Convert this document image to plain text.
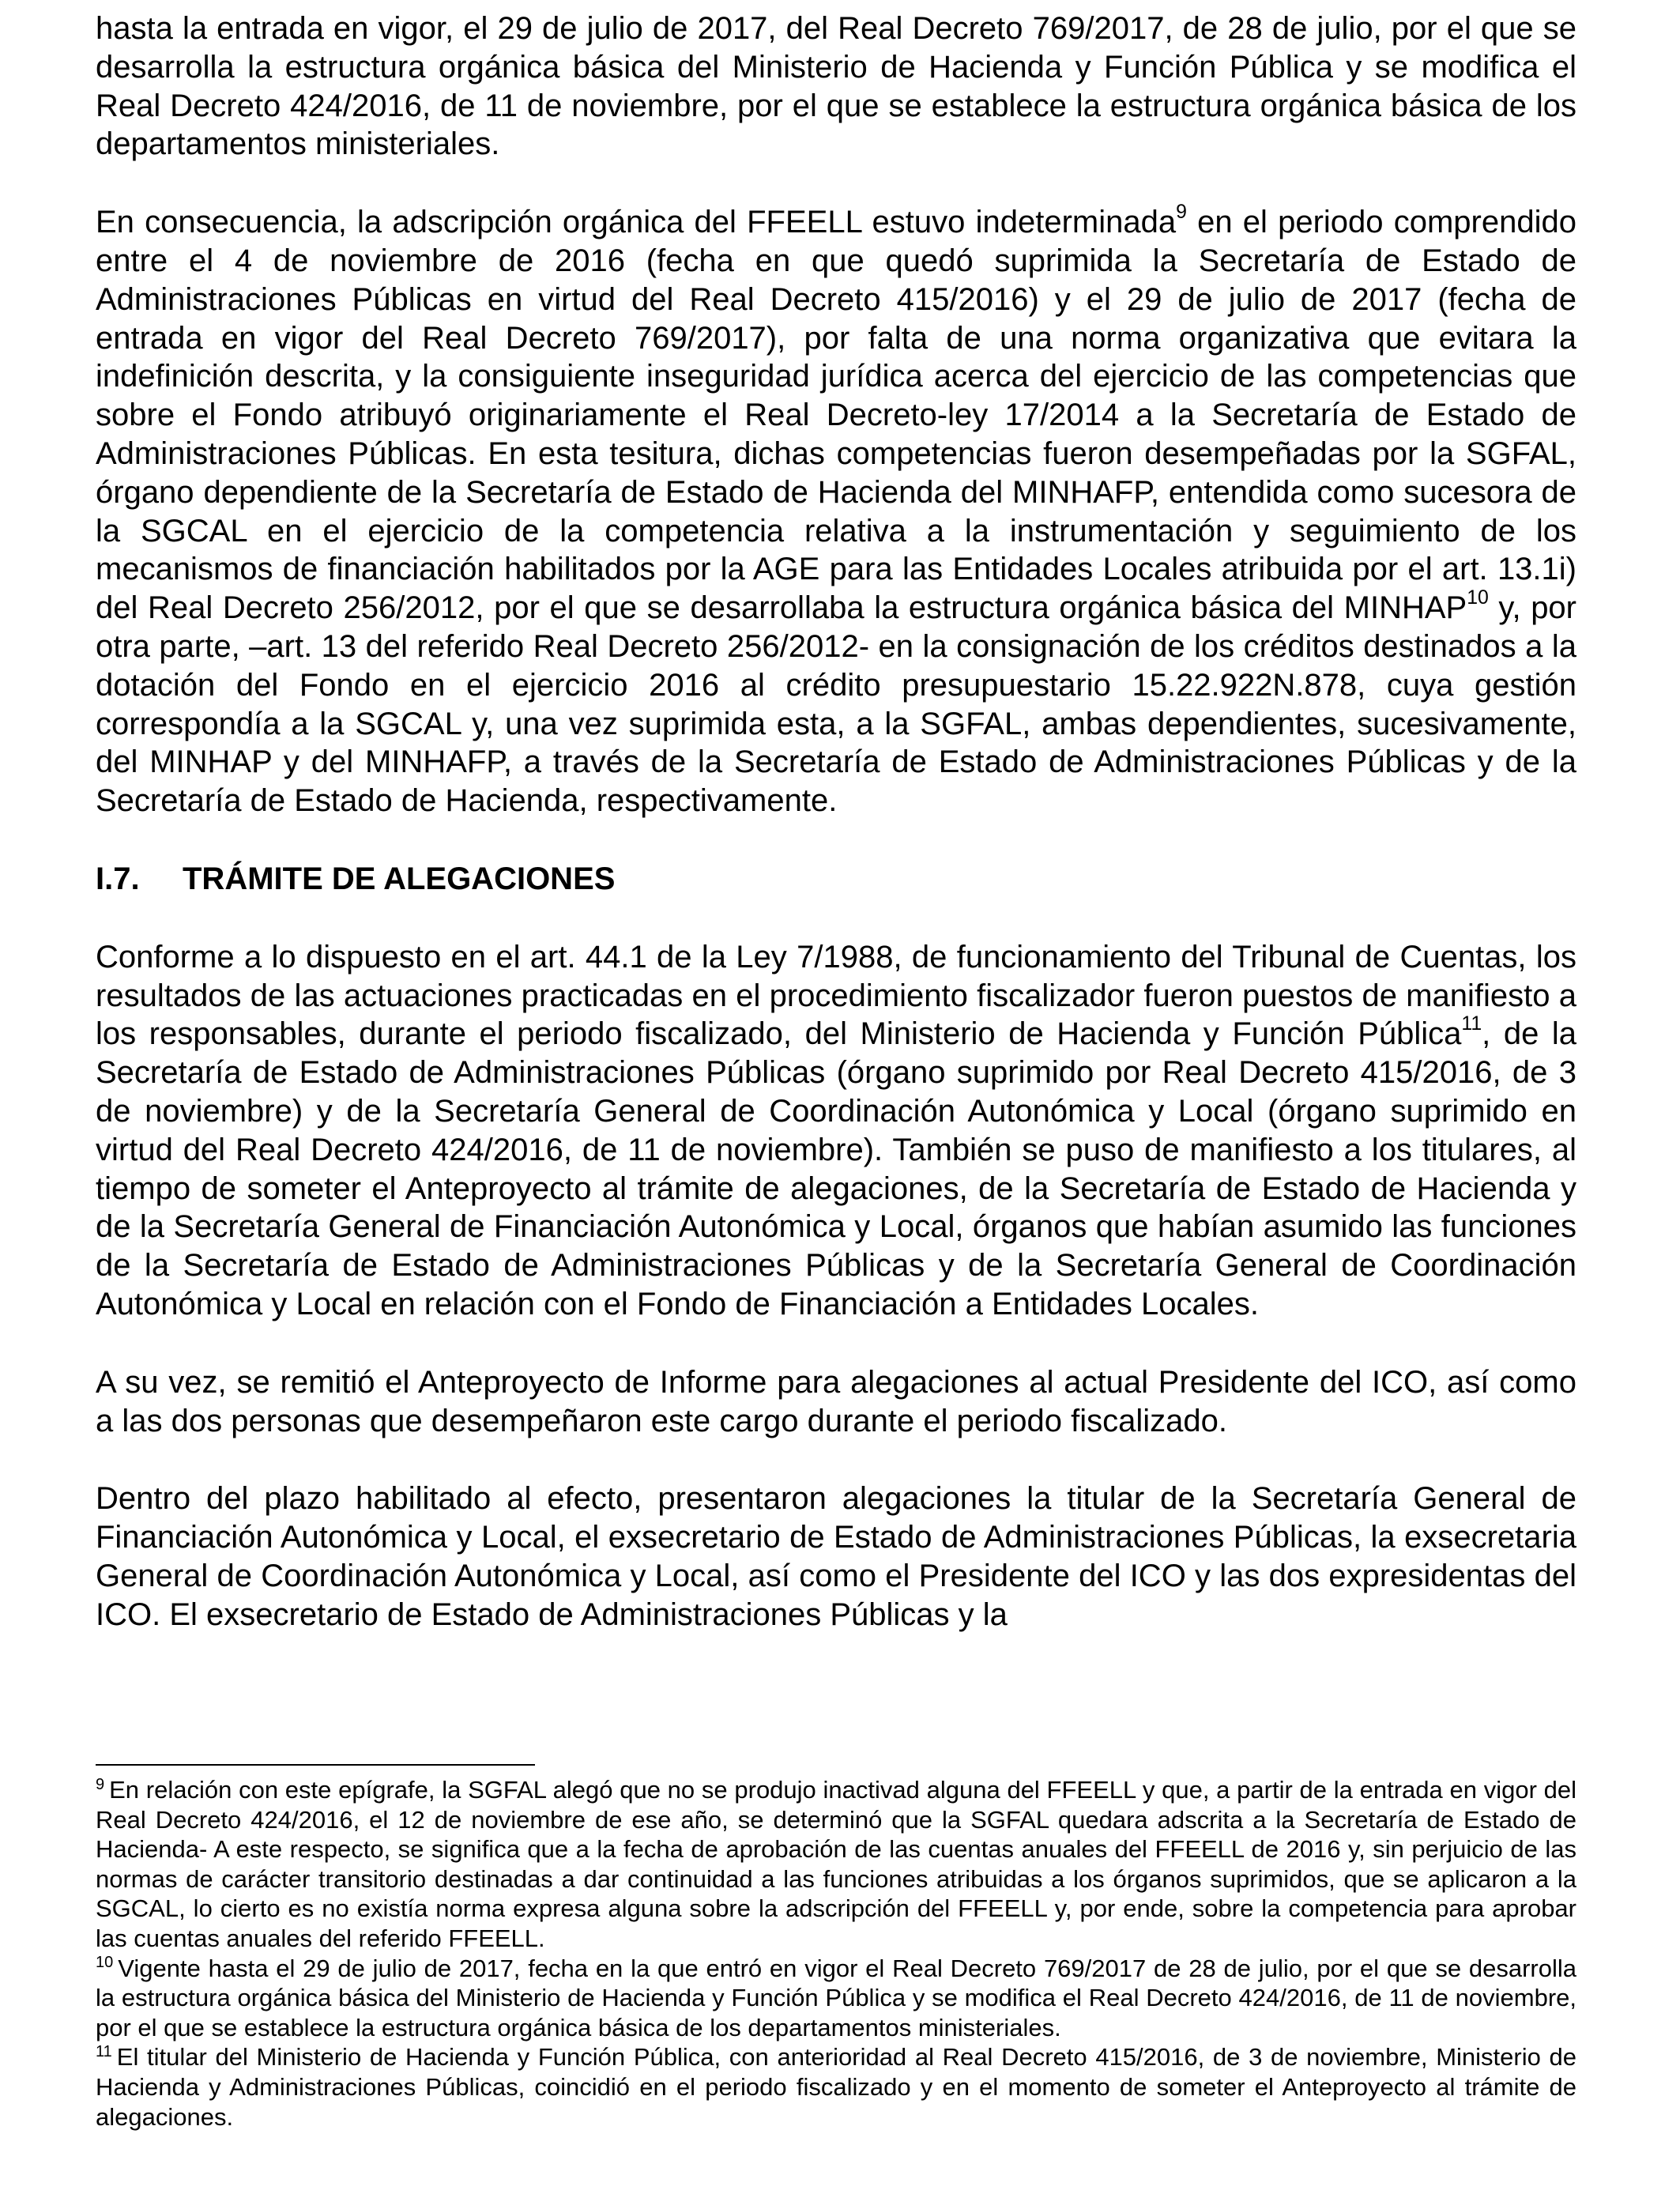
hasta la entrada en vigor, el 29 de julio de 2017, del Real Decreto 769/2017, de 28 de julio, por el que se desarrolla la estructura orgánica básica del Ministerio de Hacienda y Función Pública y se modifica el Real Decreto 424/2016, de 11 de noviembre, por el que se establece la estructura orgánica básica de los departamentos ministeriales.

En consecuencia, la adscripción orgánica del FFEELL estuvo indeterminada$^9$ en el periodo comprendido entre el 4 de noviembre de 2016 (fecha en que quedó suprimida la Secretaría de Estado de Administraciones Públicas en virtud del Real Decreto 415/2016) y el 29 de julio de 2017 (fecha de entrada en vigor del Real Decreto 769/2017), por falta de una norma organizativa que evitara la indefinición descrita, y la consiguiente inseguridad jurídica acerca del ejercicio de las competencias que sobre el Fondo atribuyó originariamente el Real Decreto-ley 17/2014 a la Secretaría de Estado de Administraciones Públicas. En esta tesitura, dichas competencias fueron desempeñadas por la SGFAL, órgano dependiente de la Secretaría de Estado de Hacienda del MINHAFP, entendida como sucesora de la SGCAL en el ejercicio de la competencia relativa a la instrumentación y seguimiento de los mecanismos de financiación habilitados por la AGE para las Entidades Locales atribuida por el art. 13.1i) del Real Decreto 256/2012, por el que se desarrollaba la estructura orgánica básica del MINHAP$^{10}$ y, por otra parte, –art. 13 del referido Real Decreto 256/2012- en la consignación de los créditos destinados a la dotación del Fondo en el ejercicio 2016 al crédito presupuestario 15.22.922N.878, cuya gestión correspondía a la SGCAL y, una vez suprimida esta, a la SGFAL, ambas dependientes, sucesivamente, del MINHAP y del MINHAFP, a través de la Secretaría de Estado de Administraciones Públicas y de la Secretaría de Estado de Hacienda, respectivamente.

I.7.	TRÁMITE DE ALEGACIONES

Conforme a lo dispuesto en el art. 44.1 de la Ley 7/1988, de funcionamiento del Tribunal de Cuentas, los resultados de las actuaciones practicadas en el procedimiento fiscalizador fueron puestos de manifiesto a los responsables, durante el periodo fiscalizado, del Ministerio de Hacienda y Función Pública$^{11}$, de la Secretaría de Estado de Administraciones Públicas (órgano suprimido por Real Decreto 415/2016, de 3 de noviembre) y de la Secretaría General de Coordinación Autonómica y Local (órgano suprimido en virtud del Real Decreto 424/2016, de 11 de noviembre). También se puso de manifiesto a los titulares, al tiempo de someter el Anteproyecto al trámite de alegaciones, de la Secretaría de Estado de Hacienda y de la Secretaría General de Financiación Autonómica y Local, órganos que habían asumido las funciones de la Secretaría de Estado de Administraciones Públicas y de la Secretaría General de Coordinación Autonómica y Local en relación con el Fondo de Financiación a Entidades Locales.

A su vez, se remitió el Anteproyecto de Informe para alegaciones al actual Presidente del ICO, así como a las dos personas que desempeñaron este cargo durante el periodo fiscalizado.

Dentro del plazo habilitado al efecto, presentaron alegaciones la titular de la Secretaría General de Financiación Autonómica y Local, el exsecretario de Estado de Administraciones Públicas, la exsecretaria General de Coordinación Autonómica y Local, así como el Presidente del ICO y las dos expresidentas del ICO. El exsecretario de Estado de Administraciones Públicas y la

$^9$ En relación con este epígrafe, la SGFAL alegó que no se produjo inactivad alguna del FFEELL y que, a partir de la entrada en vigor del Real Decreto 424/2016, el 12 de noviembre de ese año, se determinó que la SGFAL quedara adscrita a la Secretaría de Estado de Hacienda- A este respecto, se significa que a la fecha de aprobación de las cuentas anuales del FFEELL de 2016 y, sin perjuicio de las normas de carácter transitorio destinadas a dar continuidad a las funciones atribuidas a los órganos suprimidos, que se aplicaron a la SGCAL, lo cierto es no existía norma expresa alguna sobre la adscripción del FFEELL y, por ende, sobre la competencia para aprobar las cuentas anuales del referido FFEELL.

$^{10}$ Vigente hasta el 29 de julio de 2017, fecha en la que entró en vigor el Real Decreto 769/2017 de 28 de julio, por el que se desarrolla la estructura orgánica básica del Ministerio de Hacienda y Función Pública y se modifica el Real Decreto 424/2016, de 11 de noviembre, por el que se establece la estructura orgánica básica de los departamentos ministeriales.

$^{11}$ El titular del Ministerio de Hacienda y Función Pública, con anterioridad al Real Decreto 415/2016, de 3 de noviembre, Ministerio de Hacienda y Administraciones Públicas, coincidió en el periodo fiscalizado y en el momento de someter el Anteproyecto al trámite de alegaciones.
